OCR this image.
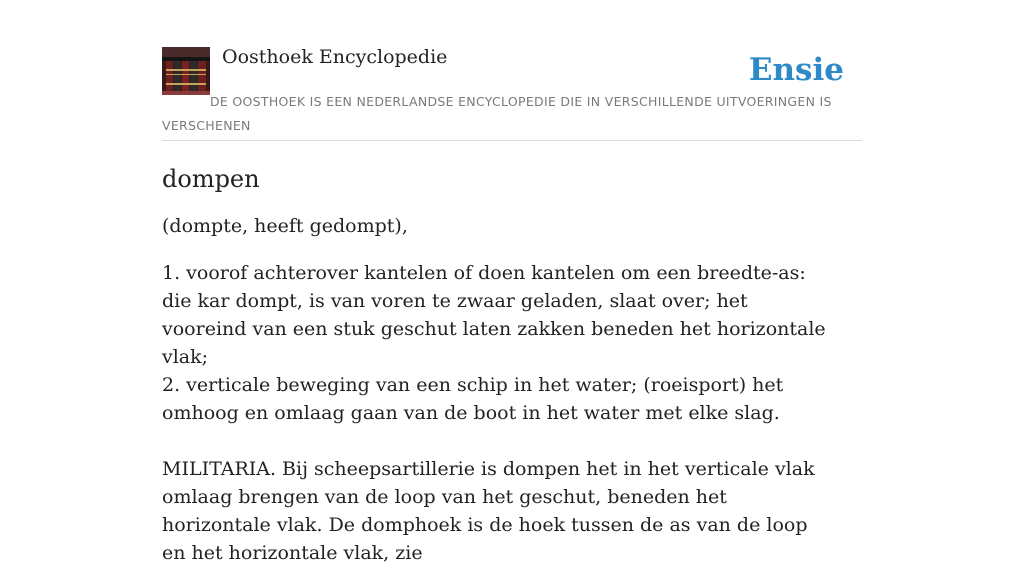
Oosthoek Encyclopedie	Ensie
DE OOSTHOEK IS EEN NEDERLANDSE ENCYCLOPEDIE DIE IN VERSCHILLENDE UITVOERINGEN IS VERSCHENEN
dompen

(dompte, heeft gedompt),

1. voorof achterover kantelen of doen kantelen om een breedte-as: die kar dompt, is van voren te zwaar geladen, slaat over; het vooreind van een stuk geschut laten zakken beneden het horizontale vlak;
2. verticale beweging van een schip in het water; (roeisport) het omhoog en omlaag gaan van de boot in het water met elke slag.

MILITARIA. Bij scheepsartillerie is dompen het in het verticale vlak omlaag brengen van de loop van het geschut, beneden het horizontale vlak. De domphoek is de hoek tussen de as van de loop en het horizontale vlak, zie
